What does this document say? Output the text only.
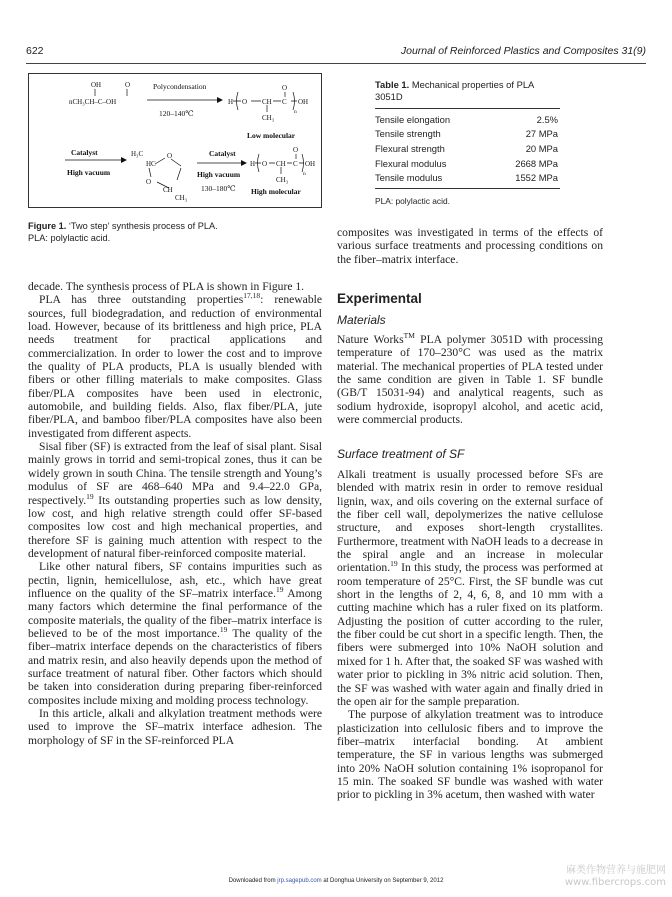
622	Journal of Reinforced Plastics and Composites 31(9)
OH	O
nCH₃CH–C–OH
Polycondensation
120–140℃
H O CH C OH
CH₃
O
n
Low molecular
Catalyst
High vacuum
H₃C
HC
O
O
CH
CH₃
Catalyst
High vacuum
130–180℃
H O CH C OH
CH₃
O
n
High molecular
Figure 1. ‘Two step’ synthesis process of PLA.
PLA: polylactic acid.
Table 1. Mechanical properties of PLA 3051D
Tensile elongation	2.5%
Tensile strength	27 MPa
Flexural strength	20 MPa
Flexural modulus	2668 MPa
Tensile modulus	1552 MPa
PLA: polylactic acid.

decade. The synthesis process of PLA is shown in Figure 1.

PLA has three outstanding properties$^{17,18}$: renewable sources, full biodegradation, and reduction of environmental load. However, because of its brittleness and high price, PLA needs treatment for practical applications and commercialization. In order to lower the cost and to improve the quality of PLA products, PLA is usually blended with fibers or other filling materials to make composites. Glass fiber/PLA composites have been used in electronic, automobile, and building fields. Also, flax fiber/PLA, jute fiber/PLA, and bamboo fiber/PLA composites have also been investigated from different aspects.

Sisal fiber (SF) is extracted from the leaf of sisal plant. Sisal mainly grows in torrid and semi-tropical zones, thus it can be widely grown in south China. The tensile strength and Young’s modulus of SF are 468–640 MPa and 9.4–22.0 GPa, respectively.$^{19}$ Its outstanding properties such as low density, low cost, and high relative strength could offer SF-based composites low cost and high mechanical properties, and therefore SF is gaining much attention with respect to the development of natural fiber-reinforced composite material.

Like other natural fibers, SF contains impurities such as pectin, lignin, hemicellulose, ash, etc., which have great influence on the quality of the SF–matrix interface.$^{19}$ Among many factors which determine the final performance of the composite materials, the quality of the fiber–matrix interface is believed to be of the most importance.$^{19}$ The quality of the fiber–matrix interface depends on the characteristics of fibers and matrix resin, and also heavily depends upon the method of surface treatment of natural fiber. Other factors which should be taken into consideration during preparing fiber-reinforced composites include mixing and molding process technology.

In this article, alkali and alkylation treatment methods were used to improve the SF–matrix interface adhesion. The morphology of SF in the SF-reinforced PLA

composites was investigated in terms of the effects of various surface treatments and processing conditions on the fiber–matrix interface.
Experimental
Materials

Nature Works™ PLA polymer 3051D with processing temperature of 170–230°C was used as the matrix material. The mechanical properties of PLA tested under the same condition are given in Table 1. SF bundle (GB/T 15031-94) and analytical reagents, such as sodium hydroxide, isopropyl alcohol, and acetic acid, were commercial products.

Surface treatment of SF

Alkali treatment is usually processed before SFs are blended with matrix resin in order to remove residual lignin, wax, and oils covering on the external surface of the fiber cell wall, depolymerizes the native cellulose structure, and exposes short-length crystallites. Furthermore, treatment with NaOH leads to a decrease in the spiral angle and an increase in molecular orientation.$^{19}$ In this study, the process was performed at room temperature of 25°C. First, the SF bundle was cut short in the lengths of 2, 4, 6, 8, and 10 mm with a cutting machine which has a ruler fixed on its platform. Adjusting the position of cutter according to the ruler, the fiber could be cut short in a specific length. Then, the fibers were submerged into 10% NaOH solution and mixed for 1 h. After that, the soaked SF was washed with water prior to pickling in 3% nitric acid solution. Then, the SF was washed with water again and finally dried in the open air for the sample preparation.

The purpose of alkylation treatment was to introduce plasticization into cellulosic fibers and to improve the fiber–matrix interfacial bonding. At ambient temperature, the SF in various lengths was submerged into 20% NaOH solution containing 1% isopropanol for 15 min. The soaked SF bundle was washed with water prior to pickling in 3% acetum, then washed with water

Downloaded from jrp.sagepub.com at Donghua University on September 9, 2012
麻类作物营养与施肥网
www.fibercrops.com
